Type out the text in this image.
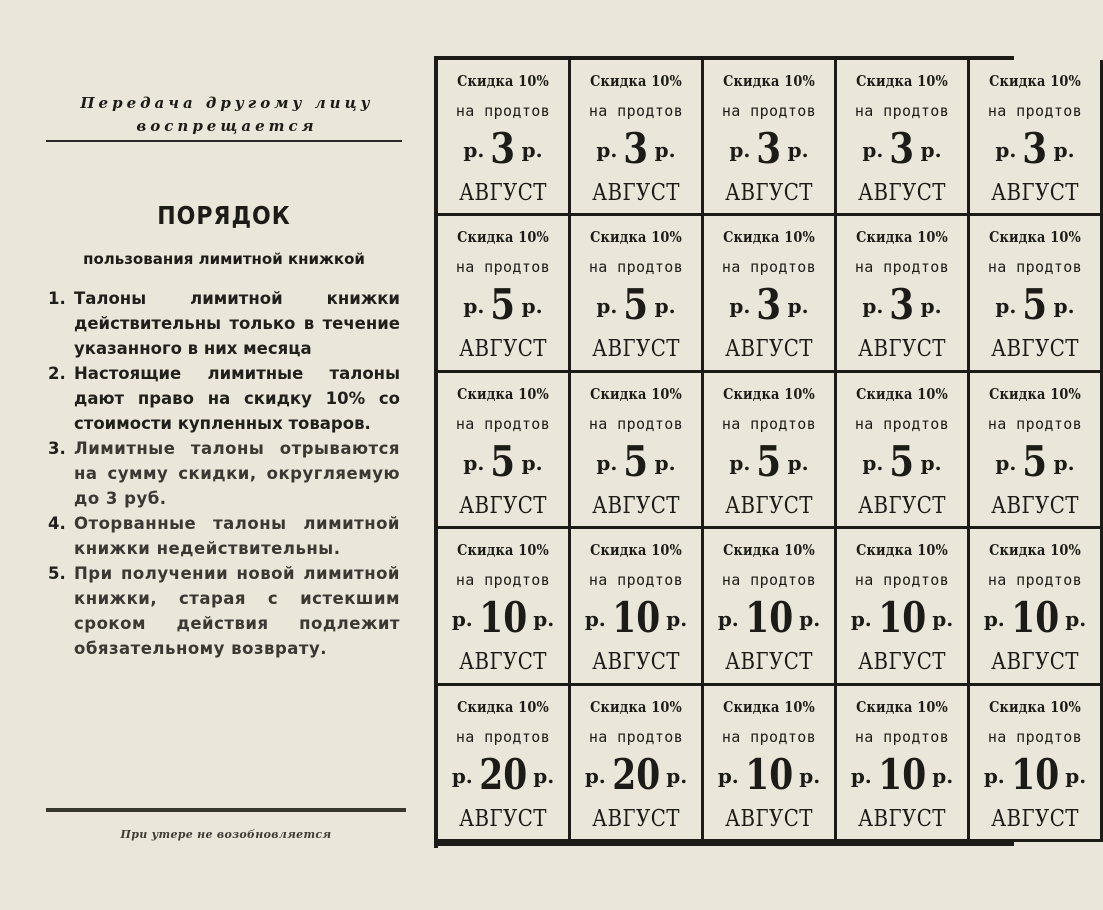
Передача другому лицу
воспрещается
ПОРЯДОК
пользования лимитной книжкой
1. Талоны лимитной книжки действительны только в течение указанного в них месяца
2. Настоящие лимитные талоны дают право на скидку 10% со стоимости купленных товаров.
3. Лимитные талоны отрываются на сумму скидки, округляемую до 3 руб.
4. Оторванные талоны лимитной книжки недействительны.
5. При получении новой лимитной книжки, старая с истекшим сроком действия подлежит обязательному возврату.
При утере не возобновляется
Скидка 10%
на продтов
р. 3 р.
АВГУСТ
Скидка 10%
на продтов
р. 3 р.
АВГУСТ
Скидка 10%
на продтов
р. 3 р.
АВГУСТ
Скидка 10%
на продтов
р. 3 р.
АВГУСТ
Скидка 10%
на продтов
р. 3 р.
АВГУСТ
Скидка 10%
на продтов
р. 5 р.
АВГУСТ
Скидка 10%
на продтов
р. 5 р.
АВГУСТ
Скидка 10%
на продтов
р. 3 р.
АВГУСТ
Скидка 10%
на продтов
р. 3 р.
АВГУСТ
Скидка 10%
на продтов
р. 5 р.
АВГУСТ
Скидка 10%
на продтов
р. 5 р.
АВГУСТ
Скидка 10%
на продтов
р. 5 р.
АВГУСТ
Скидка 10%
на продтов
р. 5 р.
АВГУСТ
Скидка 10%
на продтов
р. 5 р.
АВГУСТ
Скидка 10%
на продтов
р. 5 р.
АВГУСТ
Скидка 10%
на продтов
р. 10 р.
АВГУСТ
Скидка 10%
на продтов
р. 10 р.
АВГУСТ
Скидка 10%
на продтов
р. 10 р.
АВГУСТ
Скидка 10%
на продтов
р. 10 р.
АВГУСТ
Скидка 10%
на продтов
р. 10 р.
АВГУСТ
Скидка 10%
на продтов
р. 20 р.
АВГУСТ
Скидка 10%
на продтов
р. 20 р.
АВГУСТ
Скидка 10%
на продтов
р. 10 р.
АВГУСТ
Скидка 10%
на продтов
р. 10 р.
АВГУСТ
Скидка 10%
на продтов
р. 10 р.
АВГУСТ
